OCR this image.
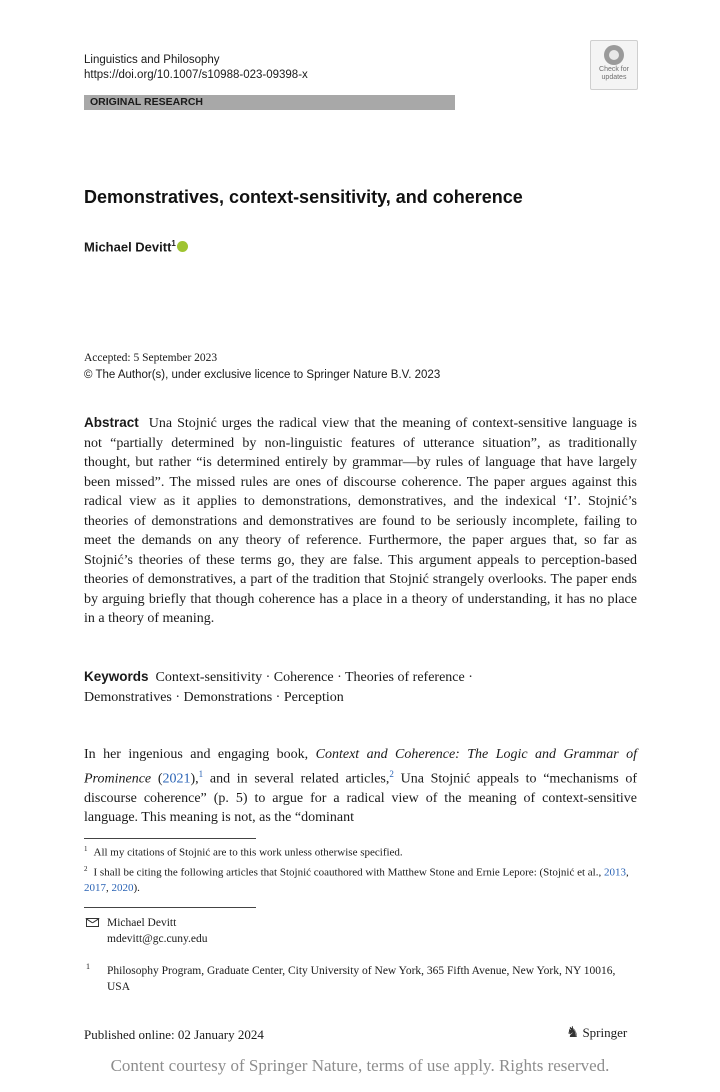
Linguistics and Philosophy
https://doi.org/10.1007/s10988-023-09398-x	Check for
updates
ORIGINAL RESEARCH
Demonstratives, context-sensitivity, and coherence
Michael Devitt$^1$
Accepted: 5 September 2023
© The Author(s), under exclusive licence to Springer Nature B.V. 2023
Abstract Una Stojnić urges the radical view that the meaning of context-sensitive language is not “partially determined by non-linguistic features of utterance situation”, as traditionally thought, but rather “is determined entirely by grammar—by rules of language that have largely been missed”. The missed rules are ones of discourse coherence. The paper argues against this radical view as it applies to demonstrations, demonstratives, and the indexical ‘I’. Stojnić’s theories of demonstrations and demonstratives are found to be seriously incomplete, failing to meet the demands on any theory of reference. Furthermore, the paper argues that, so far as Stojnić’s theories of these terms go, they are false. This argument appeals to perception-based theories of demonstratives, a part of the tradition that Stojnić strangely overlooks. The paper ends by arguing briefly that though coherence has a place in a theory of understanding, it has no place in a theory of meaning.
Keywords Context-sensitivity · Coherence · Theories of reference ·
Demonstratives · Demonstrations · Perception
In her ingenious and engaging book, Context and Coherence: The Logic and Grammar of Prominence (2021),$^1$ and in several related articles,$^2$ Una Stojnić appeals to “mechanisms of discourse coherence” (p. 5) to argue for a radical view of the meaning of context-sensitive language. This meaning is not, as the “dominant
$^1$ All my citations of Stojnić are to this work unless otherwise specified.
$^2$ I shall be citing the following articles that Stojnić coauthored with Matthew Stone and Ernie Lepore: (Stojnić et al., 2013, 2017, 2020).
Michael Devitt
mdevitt@gc.cuny.edu
1 Philosophy Program, Graduate Center, City University of New York, 365 Fifth Avenue, New York, NY 10016, USA
Published online: 02 January 2024	♞ Springer
Content courtesy of Springer Nature, terms of use apply. Rights reserved.
